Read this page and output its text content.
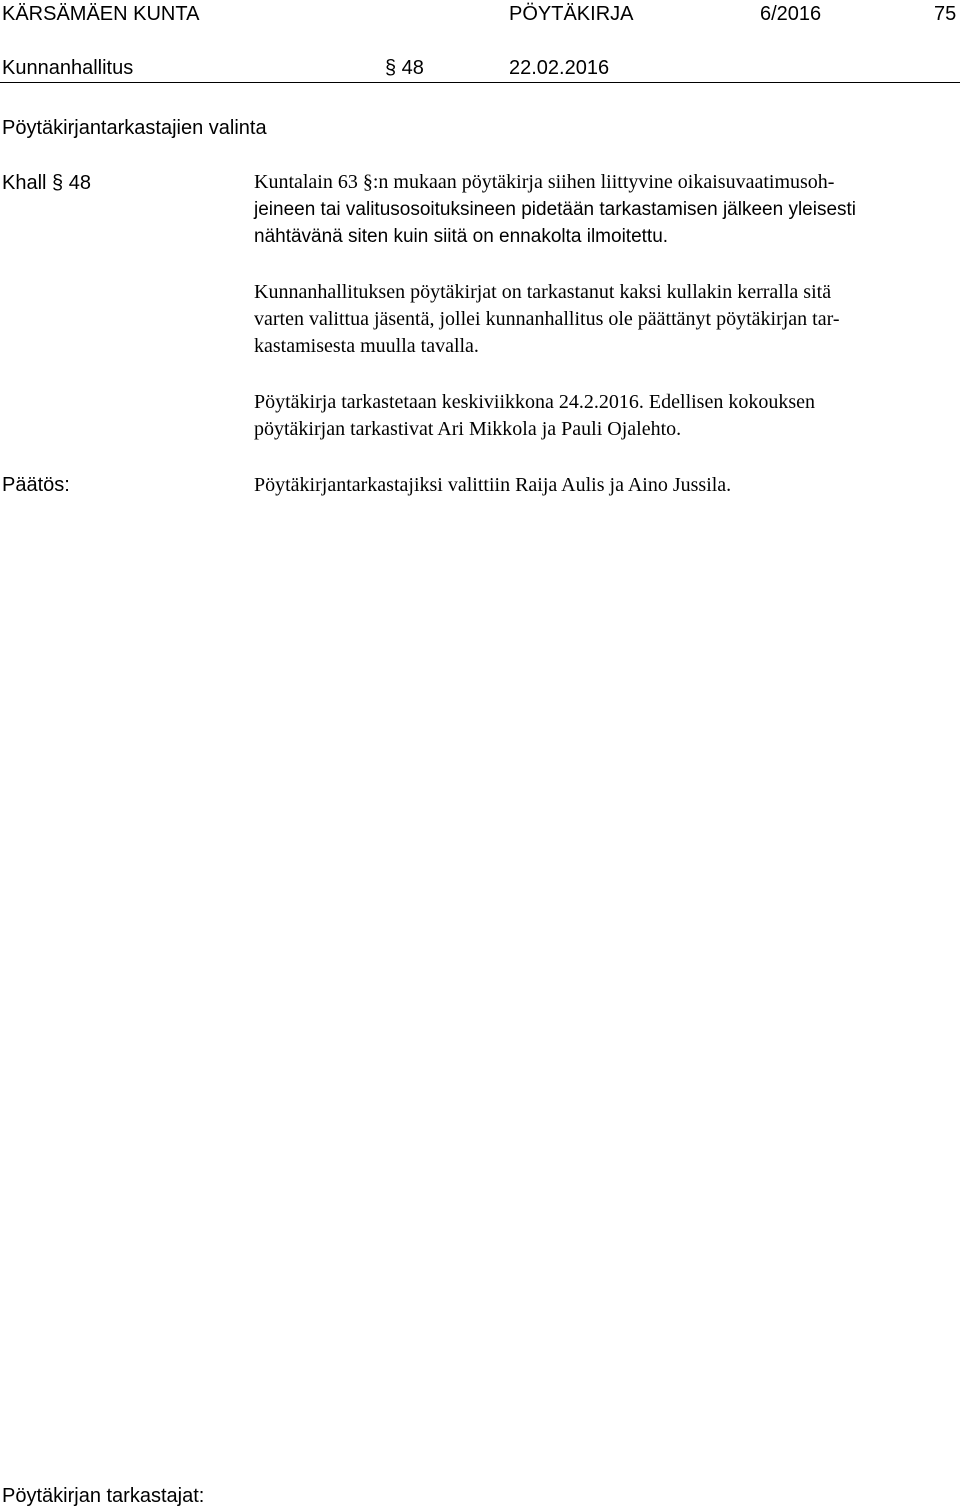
KÄRSÄMÄEN KUNTA	PÖYTÄKIRJA	6/2016	75
Kunnanhallitus	§ 48	22.02.2016
Pöytäkirjantarkastajien valinta
Khall § 48	Kuntalain 63 §:n mukaan pöytäkirja siihen liittyvine oikaisuvaatimusoh-
jeineen tai valitusosoituksineen pidetään tarkastamisen jälkeen yleisesti
nähtävänä siten kuin siitä on ennakolta ilmoitettu.

Kunnanhallituksen pöytäkirjat on tarkastanut kaksi kullakin kerralla sitä
varten valittua jäsentä, jollei kunnanhallitus ole päättänyt pöytäkirjan tar-
kastamisesta muulla tavalla.

Pöytäkirja tarkastetaan keskiviikkona 24.2.2016. Edellisen kokouksen
pöytäkirjan tarkastivat Ari Mikkola ja Pauli Ojalehto.

Päätös:	Pöytäkirjantarkastajiksi valittiin Raija Aulis ja Aino Jussila.
Pöytäkirjan tarkastajat:
